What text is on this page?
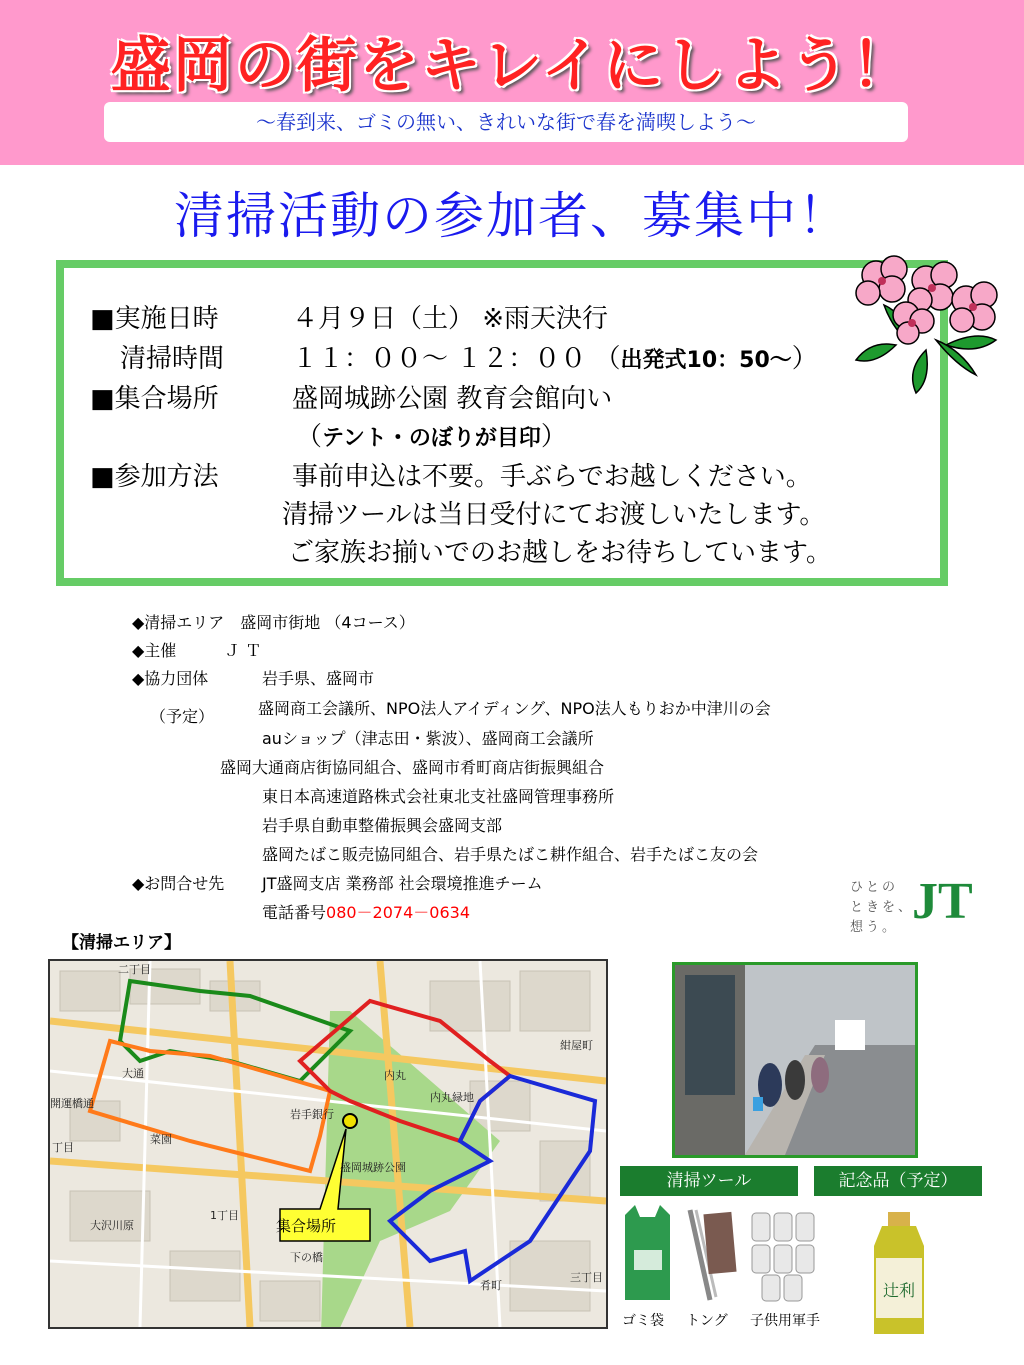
盛岡の街をキレイにしよう！
～春到来、ゴミの無い、きれいな街で春を満喫しよう～
清掃活動の参加者、募集中！
■実施日時	４月９日（土） ※雨天決行
清掃時間	１１：００～ １２：００ （出発式10：50～）
■集合場所	盛岡城跡公園 教育会館向い
（テント・のぼりが目印）
■参加方法	事前申込は不要。手ぶらでお越しください。
清掃ツールは当日受付にてお渡しいたします。
ご家族お揃いでのお越しをお待ちしています。
◆清掃エリア　盛岡市街地 （4コース）
◆主催　　　Ｊ Ｔ
◆協力団体	岩手県、盛岡市
（予定）	盛岡商工会議所、NPO法人アイディング、NPO法人もりおか中津川の会
auショップ（津志田・紫波）、盛岡商工会議所
盛岡大通商店街協同組合、盛岡市肴町商店街振興組合
東日本高速道路株式会社東北支社盛岡管理事務所
岩手県自動車整備振興会盛岡支部
盛岡たばこ販売協同組合、岩手県たばこ耕作組合、岩手たばこ友の会
◆お問合せ先 JT盛岡支店 業務部 社会環境推進チーム
電話番号080－2074－0634
ひとの
ときを、
想う。 JT
【清掃エリア】
大通
開運橋通
菜園
大沢川原
内丸
紺屋町
二丁目
三丁目
下の橋
肴町
盛岡城跡公園
内丸緑地
岩手銀行
1丁目
丁目
集合場所
清掃ツール	記念品（予定）
ゴミ袋 トング 子供用軍手
辻利
